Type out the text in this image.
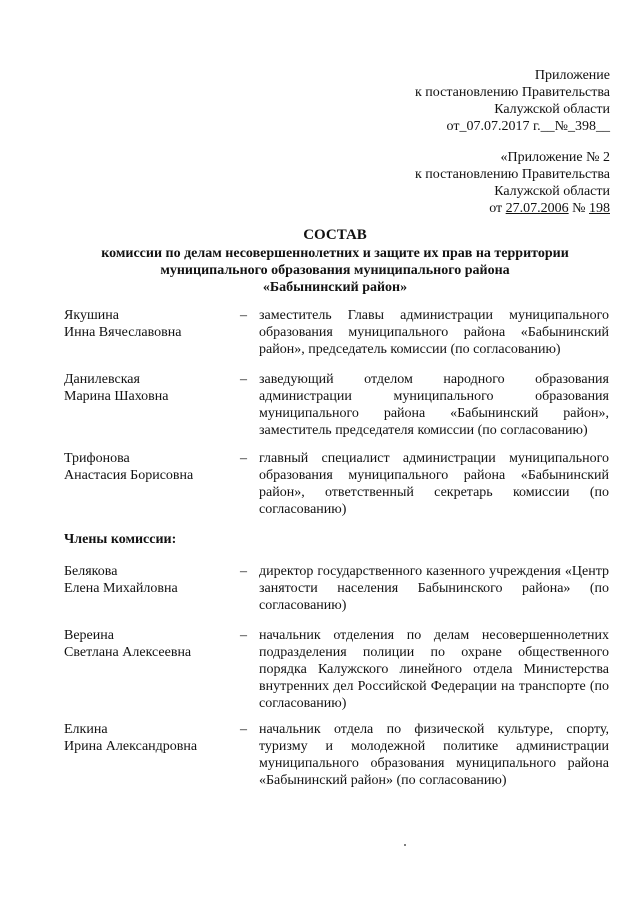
Приложение
к постановлению Правительства
Калужской области
от_07.07.2017 г.__№_398__
«Приложение № 2
к постановлению Правительства
Калужской области
от 27.07.2006 № 198
СОСТАВ
комиссии по делам несовершеннолетних и защите их прав на территории
муниципального образования муниципального района
«Бабынинский район»
Якушина
Инна Вячеславовна
– заместитель Главы администрации муниципального образования муниципального района «Бабынинский район», председатель комиссии (по согласованию)
Данилевская
Марина Шаховна
– заведующий отделом народного образования администрации муниципального образования муниципального района «Бабынинский район», заместитель председателя комиссии (по согласованию)
Трифонова
Анастасия Борисовна
– главный специалист администрации муниципального образования муниципального района «Бабынинский район», ответственный секретарь комиссии (по согласованию)
Члены комиссии:
Белякова
Елена Михайловна
– директор государственного казенного учреждения «Центр занятости населения Бабынинского района» (по согласованию)
Вереина
Светлана Алексеевна
– начальник отделения по делам несовершеннолетних подразделения полиции по охране общественного порядка Калужского линейного отдела Министерства внутренних дел Российской Федерации на транспорте (по согласованию)
Елкина
Ирина Александровна
– начальник отдела по физической культуре, спорту, туризму и молодежной политике администрации муниципального образования муниципального района «Бабынинский район» (по согласованию)
